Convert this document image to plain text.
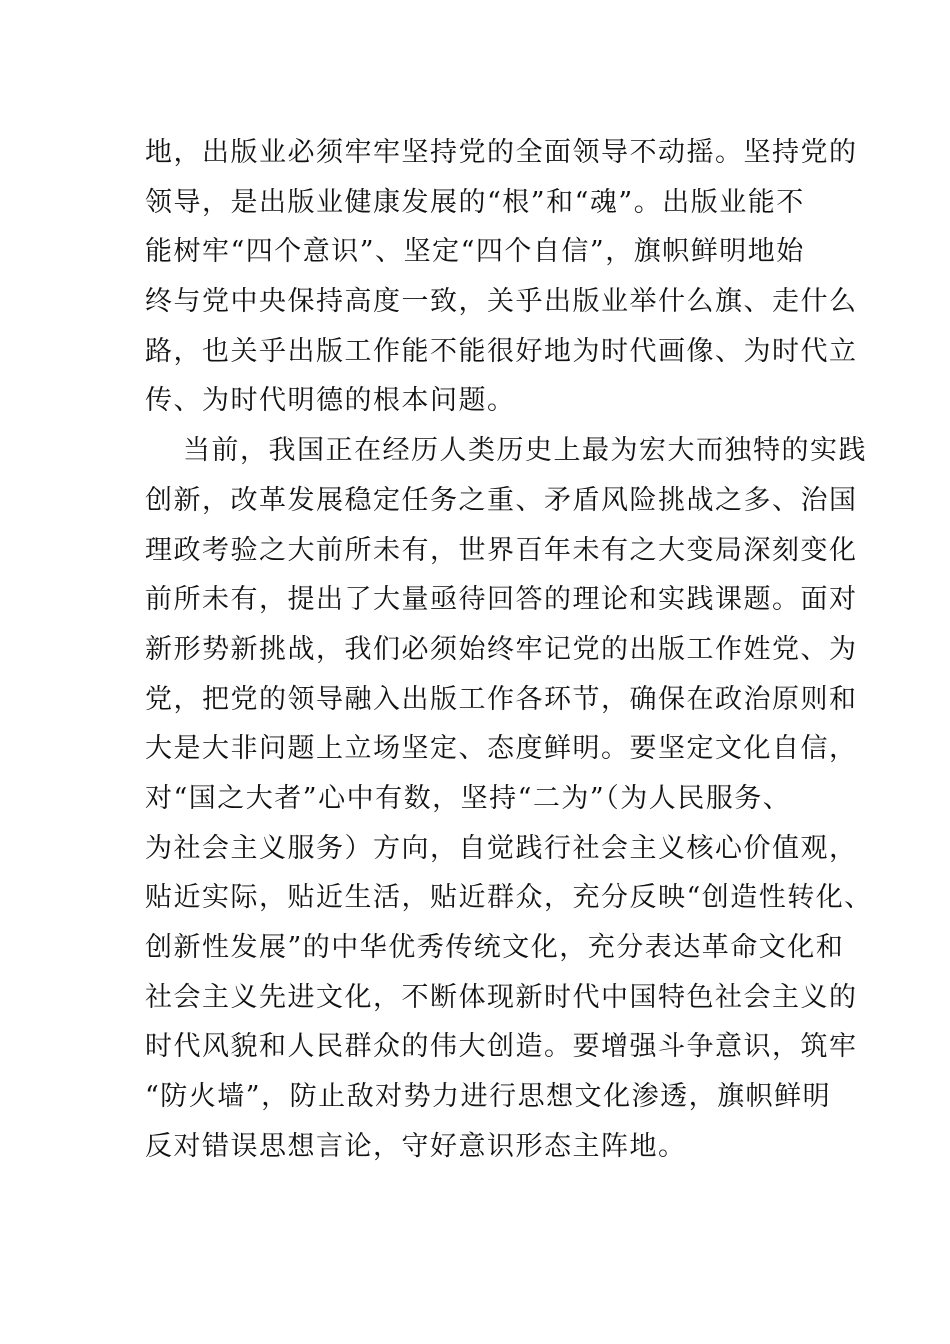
地，出版业必须牢牢坚持党的全面领导不动摇。坚持党的
领导，是出版业健康发展的“根”和“魂”。出版业能不
能树牢“四个意识”、坚定“四个自信”，旗帜鲜明地始
终与党中央保持高度一致，关乎出版业举什么旗、走什么
路，也关乎出版工作能不能很好地为时代画像、为时代立
传、为时代明德的根本问题。
当前，我国正在经历人类历史上最为宏大而独特的实践
创新，改革发展稳定任务之重、矛盾风险挑战之多、治国
理政考验之大前所未有，世界百年未有之大变局深刻变化
前所未有，提出了大量亟待回答的理论和实践课题。面对
新形势新挑战，我们必须始终牢记党的出版工作姓党、为
党，把党的领导融入出版工作各环节，确保在政治原则和
大是大非问题上立场坚定、态度鲜明。要坚定文化自信，
对“国之大者”心中有数，坚持“二为”（为人民服务、
为社会主义服务）方向，自觉践行社会主义核心价值观，
贴近实际，贴近生活，贴近群众，充分反映“创造性转化、
创新性发展”的中华优秀传统文化，充分表达革命文化和
社会主义先进文化，不断体现新时代中国特色社会主义的
时代风貌和人民群众的伟大创造。要增强斗争意识，筑牢
“防火墙”，防止敌对势力进行思想文化渗透，旗帜鲜明
反对错误思想言论，守好意识形态主阵地。
